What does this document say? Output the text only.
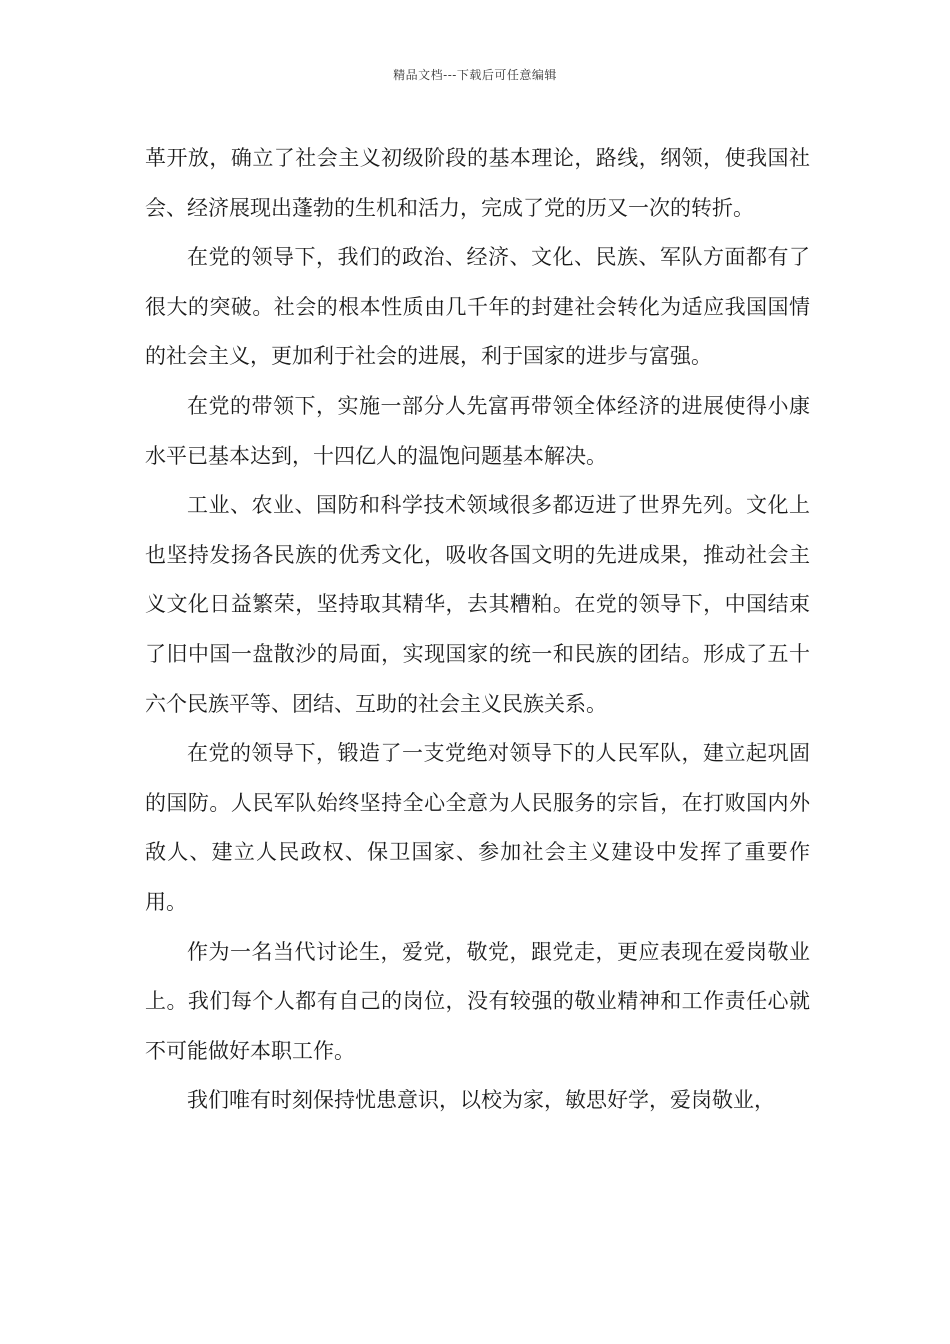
精品文档---下载后可任意编辑

革开放，确立了社会主义初级阶段的基本理论，路线，纲领，使我国社会、经济展现出蓬勃的生机和活力，完成了党的历又一次的转折。

在党的领导下，我们的政治、经济、文化、民族、军队方面都有了很大的突破。社会的根本性质由几千年的封建社会转化为适应我国国情的社会主义，更加利于社会的进展，利于国家的进步与富强。

在党的带领下，实施一部分人先富再带领全体经济的进展使得小康水平已基本达到，十四亿人的温饱问题基本解决。

工业、农业、国防和科学技术领域很多都迈进了世界先列。文化上也坚持发扬各民族的优秀文化，吸收各国文明的先进成果，推动社会主义文化日益繁荣，坚持取其精华，去其糟粕。在党的领导下，中国结束了旧中国一盘散沙的局面，实现国家的统一和民族的团结。形成了五十六个民族平等、团结、互助的社会主义民族关系。

在党的领导下，锻造了一支党绝对领导下的人民军队，建立起巩固的国防。人民军队始终坚持全心全意为人民服务的宗旨，在打败国内外敌人、建立人民政权、保卫国家、参加社会主义建设中发挥了重要作用。

作为一名当代讨论生，爱党，敬党，跟党走，更应表现在爱岗敬业上。我们每个人都有自己的岗位，没有较强的敬业精神和工作责任心就不可能做好本职工作。

我们唯有时刻保持忧患意识，以校为家，敏思好学，爱岗敬业，
